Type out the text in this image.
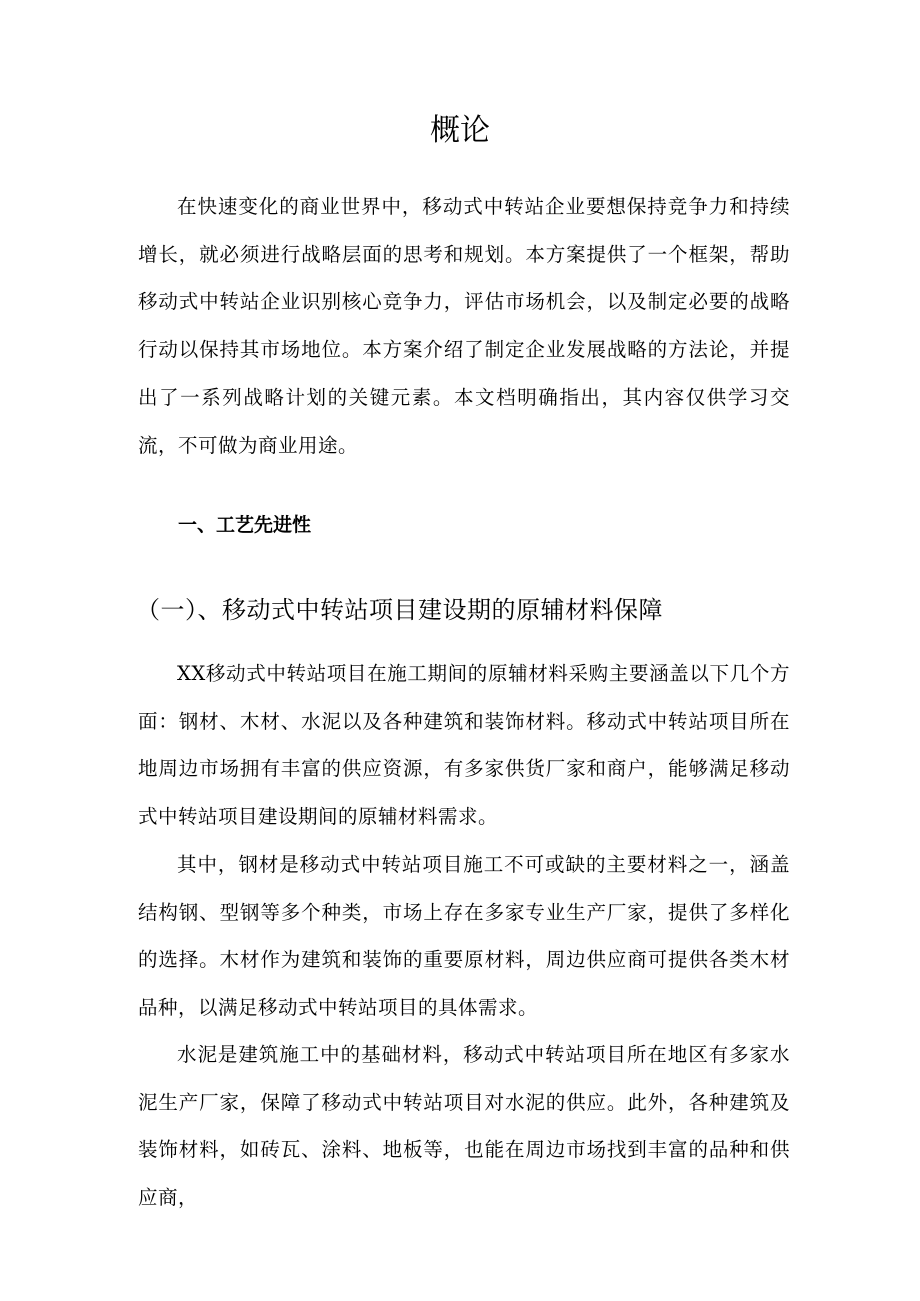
概论

在快速变化的商业世界中，移动式中转站企业要想保持竞争力和持续增长，就必须进行战略层面的思考和规划。本方案提供了一个框架，帮助移动式中转站企业识别核心竞争力，评估市场机会，以及制定必要的战略行动以保持其市场地位。本方案介绍了制定企业发展战略的方法论，并提出了一系列战略计划的关键元素。本文档明确指出，其内容仅供学习交流，不可做为商业用途。

一、工艺先进性
（一）、移动式中转站项目建设期的原辅材料保障

XX移动式中转站项目在施工期间的原辅材料采购主要涵盖以下几个方面：钢材、木材、水泥以及各种建筑和装饰材料。移动式中转站项目所在地周边市场拥有丰富的供应资源，有多家供货厂家和商户，能够满足移动式中转站项目建设期间的原辅材料需求。

其中，钢材是移动式中转站项目施工不可或缺的主要材料之一，涵盖结构钢、型钢等多个种类，市场上存在多家专业生产厂家，提供了多样化的选择。木材作为建筑和装饰的重要原材料，周边供应商可提供各类木材品种，以满足移动式中转站项目的具体需求。

水泥是建筑施工中的基础材料，移动式中转站项目所在地区有多家水泥生产厂家，保障了移动式中转站项目对水泥的供应。此外，各种建筑及装饰材料，如砖瓦、涂料、地板等，也能在周边市场找到丰富的品种和供应商，
